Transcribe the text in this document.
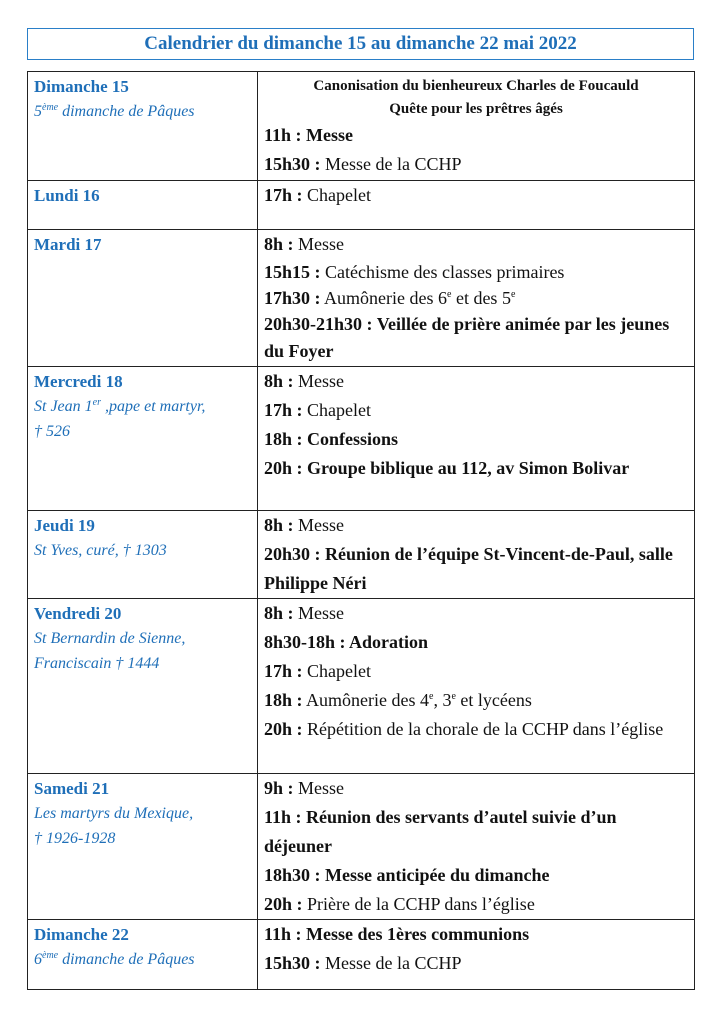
Calendrier du dimanche 15 au dimanche 22 mai 2022
Dimanche 15
5ème dimanche de Pâques	Canonisation du bienheureux Charles de Foucauld
Quête pour les prêtres âgés
11h : Messe
15h30 : Messe de la CCHP

Lundi 16	17h : Chapelet

Mardi 17	8h : Messe
15h15 : Catéchisme des classes primaires
17h30 : Aumônerie des 6e et des 5e
20h30-21h30 : Veillée de prière animée par les jeunes du Foyer

Mercredi 18
St Jean 1er ,pape et martyr,
† 526	8h : Messe
17h : Chapelet
18h : Confessions
20h : Groupe biblique au 112, av Simon Bolivar

Jeudi 19
St Yves, curé, † 1303	8h : Messe
20h30 : Réunion de l’équipe St-Vincent-de-Paul, salle Philippe Néri

Vendredi 20
St Bernardin de Sienne, Franciscain † 1444	8h : Messe
8h30-18h : Adoration
17h : Chapelet
18h : Aumônerie des 4e, 3e et lycéens
20h : Répétition de la chorale de la CCHP dans l’église

Samedi 21
Les martyrs du Mexique,
† 1926-1928	9h : Messe
11h : Réunion des servants d’autel suivie d’un déjeuner
18h30 : Messe anticipée du dimanche
20h : Prière de la CCHP dans l’église

Dimanche 22
6ème dimanche de Pâques	11h : Messe des 1ères communions
15h30 : Messe de la CCHP
